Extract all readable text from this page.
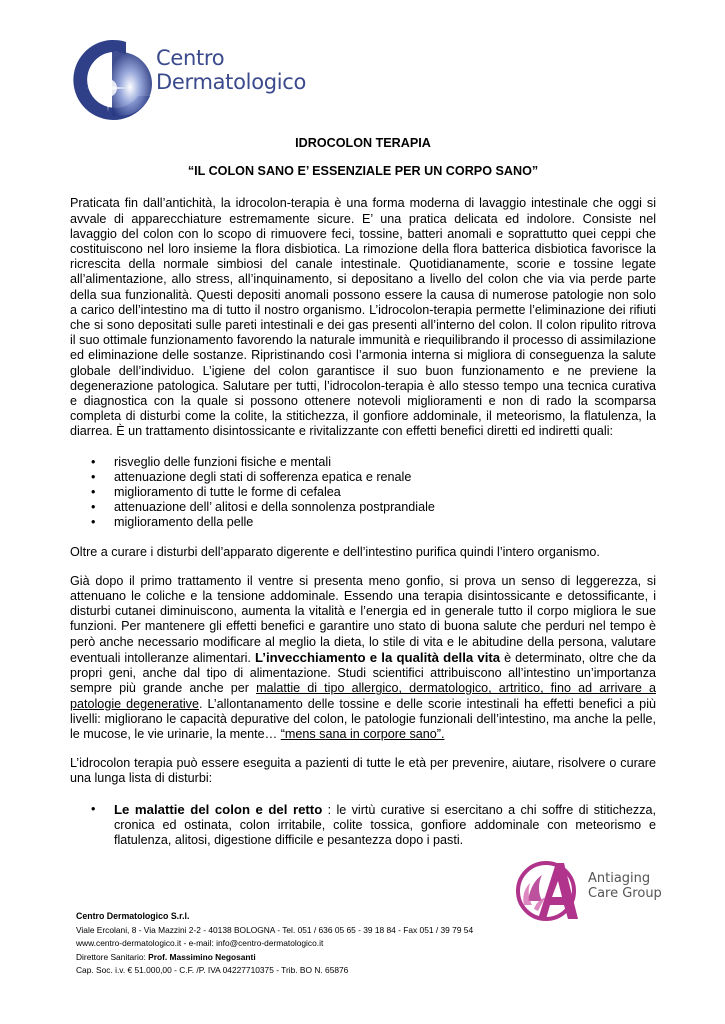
Centro
Dermatologico

IDROCOLON TERAPIA

“IL COLON SANO E’ ESSENZIALE PER UN CORPO SANO”

Praticata fin dall’antichità, la idrocolon-terapia è una forma moderna di lavaggio intestinale che oggi si avvale di apparecchiature estremamente sicure. E’ una pratica delicata ed indolore. Consiste nel lavaggio del colon con lo scopo di rimuovere feci, tossine, batteri anomali e soprattutto quei ceppi che costituiscono nel loro insieme la flora disbiotica. La rimozione della flora batterica disbiotica favorisce la ricrescita della normale simbiosi del canale intestinale. Quotidianamente, scorie e tossine legate all’alimentazione, allo stress, all’inquinamento, si depositano a livello del colon che via via perde parte della sua funzionalità. Questi depositi anomali possono essere la causa di numerose patologie non solo a carico dell’intestino ma di tutto il nostro organismo. L’idrocolon-terapia permette l’eliminazione dei rifiuti che si sono depositati sulle pareti intestinali e dei gas presenti all’interno del colon. Il colon ripulito ritrova il suo ottimale funzionamento favorendo la naturale immunità e riequilibrando il processo di assimilazione ed eliminazione delle sostanze. Ripristinando così l’armonia interna si migliora di conseguenza la salute globale dell’individuo. L’igiene del colon garantisce il suo buon funzionamento e ne previene la degenerazione patologica. Salutare per tutti, l’idrocolon-terapia è allo stesso tempo una tecnica curativa e diagnostica con la quale si possono ottenere notevoli miglioramenti e non di rado la scomparsa completa di disturbi come la colite, la stitichezza, il gonfiore addominale, il meteorismo, la flatulenza, la diarrea. È un trattamento disintossicante e rivitalizzante con effetti benefici diretti ed indiretti quali:

• risveglio delle funzioni fisiche e mentali
• attenuazione degli stati di sofferenza epatica e renale
• miglioramento di tutte le forme di cefalea
• attenuazione dell’ alitosi e della sonnolenza postprandiale
• miglioramento della pelle

Oltre a curare i disturbi dell’apparato digerente e dell’intestino purifica quindi l’intero organismo.

Già dopo il primo trattamento il ventre si presenta meno gonfio, si prova un senso di leggerezza, si attenuano le coliche e la tensione addominale. Essendo una terapia disintossicante e detossificante, i disturbi cutanei diminuiscono, aumenta la vitalità e l’energia ed in generale tutto il corpo migliora le sue funzioni. Per mantenere gli effetti benefici e garantire uno stato di buona salute che perduri nel tempo è però anche necessario modificare al meglio la dieta, lo stile di vita e le abitudine della persona, valutare eventuali intolleranze alimentari. L’invecchiamento e la qualità della vita è determinato, oltre che da propri geni, anche dal tipo di alimentazione. Studi scientifici attribuiscono all’intestino un’importanza sempre più grande anche per malattie di tipo allergico, dermatologico, artritico, fino ad arrivare a patologie degenerative. L’allontanamento delle tossine e delle scorie intestinali ha effetti benefici a più livelli: migliorano le capacità depurative del colon, le patologie funzionali dell’intestino, ma anche la pelle, le mucose, le vie urinarie, la mente… “mens sana in corpore sano”.

L’idrocolon terapia può essere eseguita a pazienti di tutte le età per prevenire, aiutare, risolvere o curare una lunga lista di disturbi:

• Le malattie del colon e del retto : le virtù curative si esercitano a chi soffre di stitichezza, cronica ed ostinata, colon irritabile, colite tossica, gonfiore addominale con meteorismo e flatulenza, alitosi, digestione difficile e pesantezza dopo i pasti.
Antiaging
Care Group
Centro Dermatologico S.r.l.
Viale Ercolani, 8 - Via Mazzini 2-2 - 40138 BOLOGNA - Tel. 051 / 636 05 65 - 39 18 84 - Fax 051 / 39 79 54
www.centro-dermatologico.it - e-mail: info@centro-dermatologico.it
Direttore Sanitario: Prof. Massimino Negosanti
Cap. Soc. i.v. € 51.000,00 - C.F. /P. IVA 04227710375 - Trib. BO N. 65876
